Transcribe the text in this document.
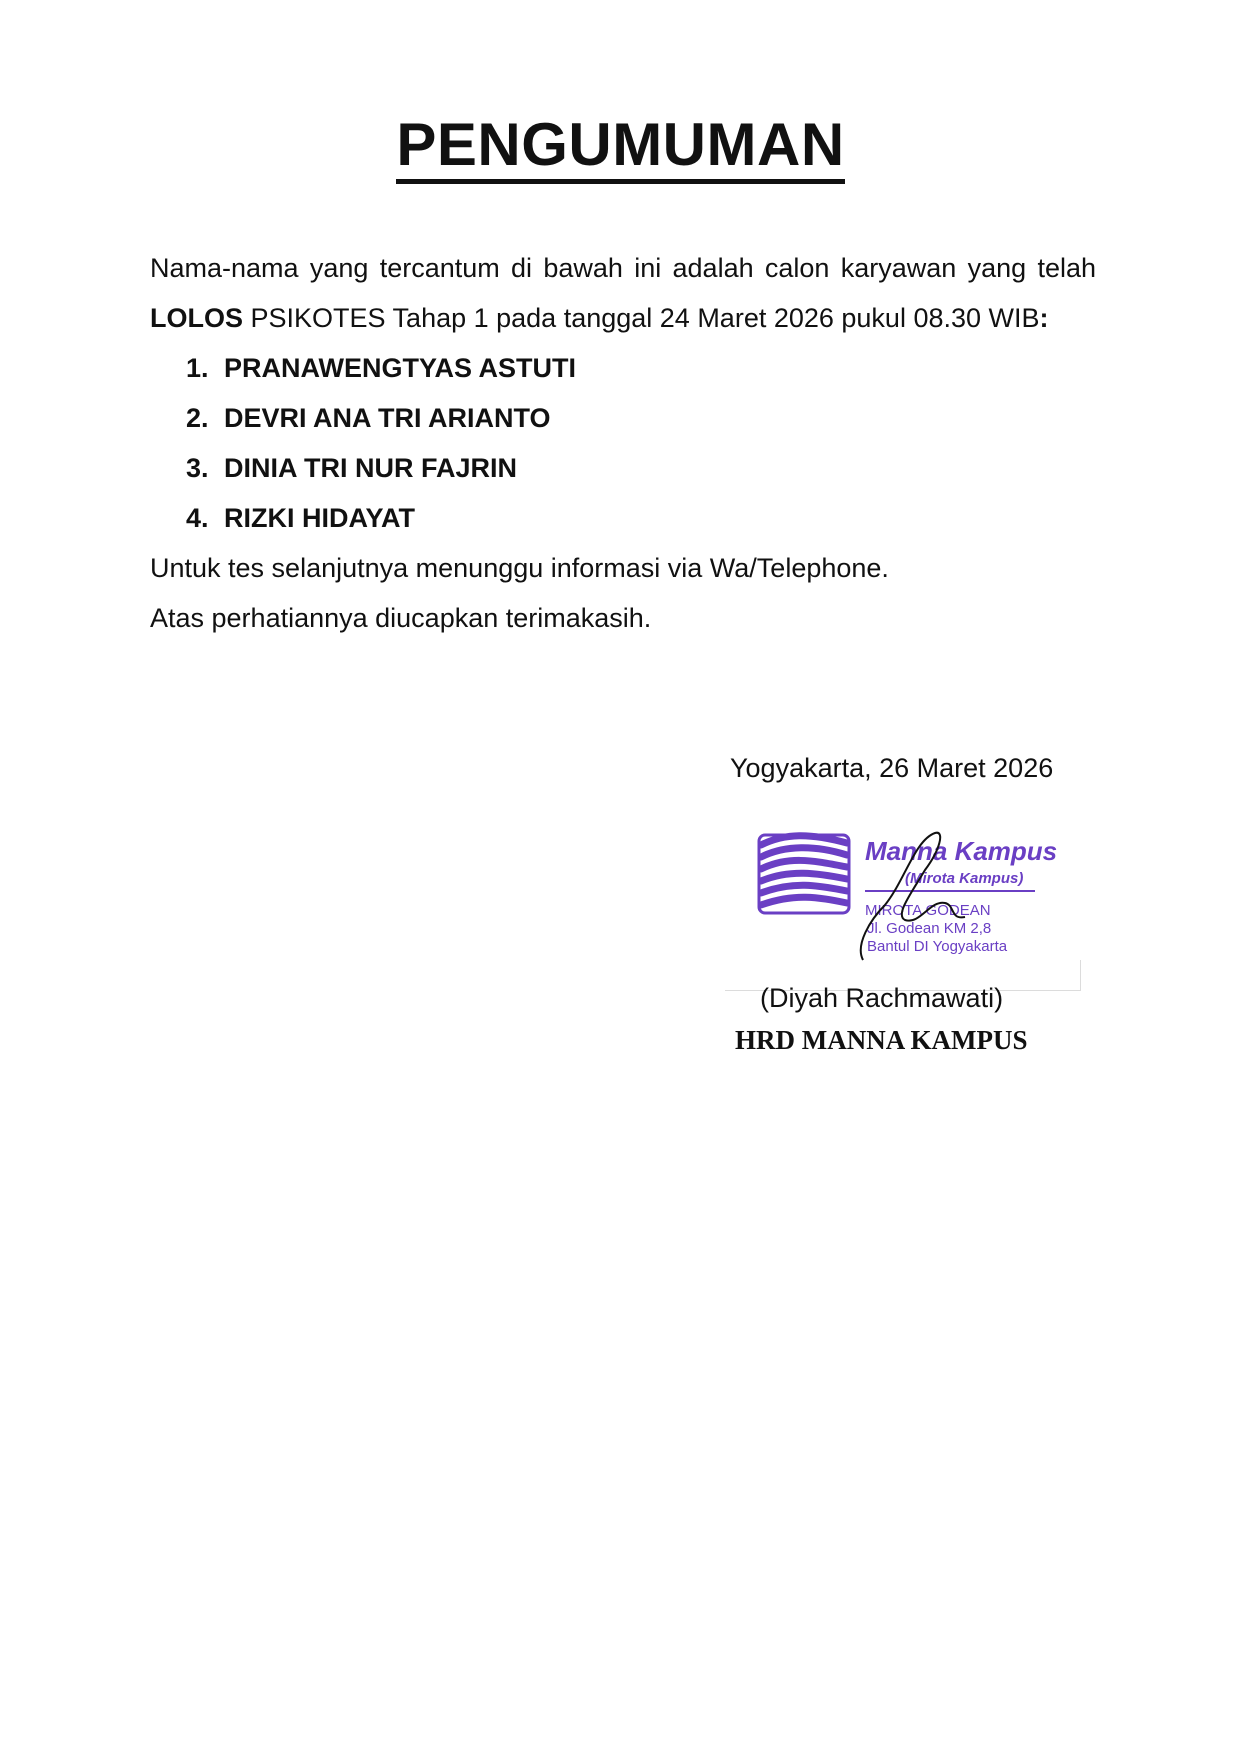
PENGUMUMAN

Nama-nama yang tercantum di bawah ini adalah calon karyawan yang telah LOLOS PSIKOTES Tahap 1 pada tanggal 24 Maret 2026 pukul 08.30 WIB:

1. PRANAWENGTYAS ASTUTI
2. DEVRI ANA TRI ARIANTO
3. DINIA TRI NUR FAJRIN
4. RIZKI HIDAYAT

Untuk tes selanjutnya menunggu informasi via Wa/Telephone.

Atas perhatiannya diucapkan terimakasih.

Yogyakarta, 26 Maret 2026
Manna Kampus
(Mirota Kampus)
MIROTA GODEAN
Jl. Godean KM 2,8
Bantul DI Yogyakarta
(Diyah Rachmawati)
HRD MANNA KAMPUS
